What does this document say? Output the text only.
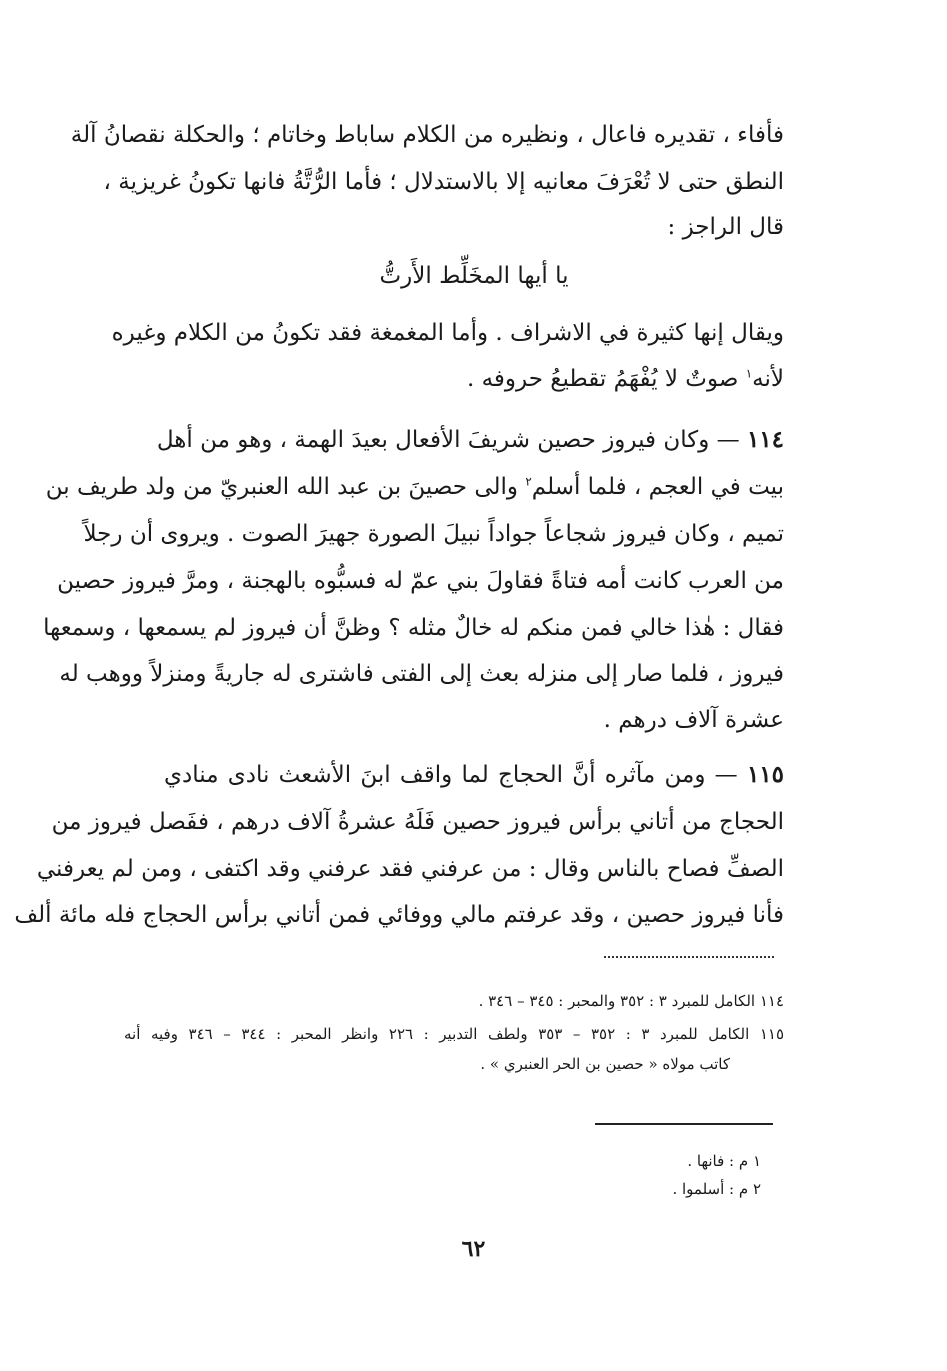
فأفاء ، تقديره فاعال ، ونظيره من الكلام ساباط وخاتام ؛ والحكلة نقصانُ آلة
النطق حتى لا تُعْرَفَ معانيه إلا بالاستدلال ؛ فأما الرُّتَّةُ فانها تكونُ غريزية ،
قال الراجز :
يا أيها المخَلِّط الأَرتُّ
ويقال إنها كثيرة في الاشراف . وأما المغمغة فقد تكونُ من الكلام وغيره
لأنه$^١$ صوتٌ لا يُفْهَمُ تقطيعُ حروفه .
١١٤ — وكان فيروز حصين شريفَ الأفعال بعيدَ الهمة ، وهو من أهل
بيت في العجم ، فلما أسلم$^٢$ والى حصينَ بن عبد الله العنبريّ من ولد طريف بن
تميم ، وكان فيروز شجاعاً جواداً نبيلَ الصورة جهيرَ الصوت . ويروى أن رجلاً
من العرب كانت أمه فتاةً فقاولَ بني عمّ له فسبُّوه بالهجنة ، ومرَّ فيروز حصين
فقال : هٰذا خالي فمن منكم له خالٌ مثله ؟ وظنَّ أن فيروز لم يسمعها ، وسمعها
فيروز ، فلما صار إلى منزله بعث إلى الفتى فاشترى له جاريةً ومنزلاً ووهب له
عشرة آلاف درهم .
١١٥ — ومن مآثره أنَّ الحجاج لما واقف ابنَ الأشعث نادى منادي
الحجاج من أتاني برأس فيروز حصين فَلَهُ عشرةُ آلاف درهم ، ففَصل فيروز من
الصفِّ فصاح بالناس وقال : من عرفني فقد عرفني وقد اكتفى ، ومن لم يعرفني
فأنا فيروز حصين ، وقد عرفتم مالي ووفائي فمن أتاني برأس الحجاج فله مائة ألف
١١٤ الكامل للمبرد ٣ : ٣٥٢ والمحبر : ٣٤٥ – ٣٤٦ .
١١٥ الكامل للمبرد ٣ : ٣٥٢ – ٣٥٣ ولطف التدبير : ٢٢٦ وانظر المحبر : ٣٤٤ – ٣٤٦ وفيه أنه
كاتب مولاه « حصين بن الحر العنبري » .
١ م : فانها .
٢ م : أسلموا .
٦٢
